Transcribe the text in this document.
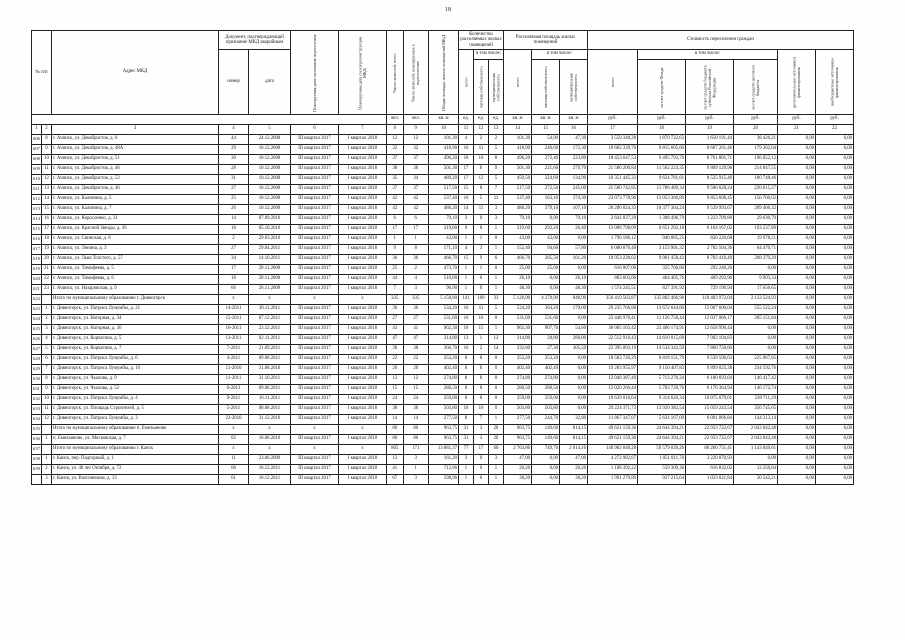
18
№ п/п		Адрес МКД	Документ, подтверждающий признание МКД аварийным		Планируемая дата окончания переселения	Планируемая дата сноса/реконструкции МКД	Число жителей, всего	Число жителей, планируемых к переселению	Общая площадь жилых помещений МКД	Количество расселяемых жилых помещений			Расселяемая площадь жилых помещений			Стоимость переселения граждан					
			номер	дата						всего	в том числе:		всего	в том числе:		всего	в том числе:			дополнительные источники финансирования	внебюджетные источники финансирования
											частная собственность	муниципальная собственность		частная собственность	муниципальная собственность		за счет средств Фонда	за счет средств бюджета субъекта Российской Федерации	за счет средств местного бюджета		
							чел.	чел.	кв. м	ед.	ед.	ед.	кв. м	кв. м	кв. м	руб.	руб.	руб.	руб.	руб.	руб.
1	2	3	4	5	6	7	8	9	10	11	12	13	14	15	16	17	18	19	20	21	22
606	8	г. Ачинск, ул. Декабристов, д. 6	44	24.12.2008	III квартал 2017	I квартал 2018	12	12	101,30	4	2	2	101,30	54,00	47,30	3 559 348,28	1 870 722,63	1 650 191,44	38 426,21	0,00	0,00
607	9	г. Ачинск, ул. Декабристов, д. 48А	29	10.12.2008	III квартал 2017	I квартал 2018	32	32	418,90	16	11	5	418,90	246,60	172,30	18 682 339,70	9 815 605,60	8 687 261,46	179 362,64	0,00	0,00
608	10	г. Ачинск, ул. Декабристов, д. 51	30	10.12.2008	III квартал 2017	I квартал 2018	37	37	496,20	18	10	8	496,20	272,40	223,80	18 453 647,53	9 495 793,70	8 761 801,71	196 052,12	0,00	0,00
609	11	г. Ачинск, ул. Декабристов, д. 46	28	10.12.2008	III квартал 2017	I квартал 2018	38	38	501,30	17	8	9	501,30	221,60	279,70	21 586 200,84	11 562 223,35	9 809 129,96	214 847,55	0,00	0,00
610	12	г. Ачинск, ул. Декабристов, д. 52	31	10.12.2008	III квартал 2017	I квартал 2018	35	34	489,20	17	12	5	459,50	324,60	134,90	18 351 445,33	9 624 781,61	8 525 915,46	180 748,46	0,00	0,00
611	13	г. Ачинск, ул. Декабристов, д. 46	27	10.12.2008	III квартал 2017	I квартал 2018	37	37	517,50	15	8	7	517,50	272,50	245,00	21 580 742,85	11 786 489,34	9 586 628,24	220 615,27	0,00	0,00
612	14	г. Ачинск, ул. Калинина, д. 5	25	10.12.2008	III квартал 2017	I квартал 2018	42	42	537,40	16	5	11	537,40	163,10	374,30	23 073 778,96	13 053 360,89	9 853 608,45	156 760,62	0,00	0,00
613	15	г. Ачинск, ул. Калинина, д. 7	26	10.12.2008	III квартал 2017	I квартал 2018	42	42	486,20	14	11	3	486,20	379,10	107,10	20 206 824,33	10 377 364,24	9 539 993,67	289 466,32	0,00	0,00
614	16	г. Ачинск, ул. Коросоенко, д. 31	14	07.09.2010	III квартал 2017	I квартал 2018	6	6	79,10	3	0	3	79,10	0,00	79,10	2 641 837,29	1 388 496,79	1 223 709,80	29 630,70	0,00	0,00
615	17	г. Ачинск, ул. Красной Звезды, д. 36	18	05.10.2010	III квартал 2017	I квартал 2018	17	17	319,60	9	8	1	319,60	293,20	26,40	13 008 798,09	6 651 293,18	6 164 167,02	193 237,89	0,00	0,00
616	18	г. Ачинск, ул. Свинская, д. 8	2	29.03.2010	III квартал 2017	I квартал 2018	1	1	43,00	1	1	0	43,00	43,00	0,00	1 790 186,12	940 885,25	830 220,68	19 078,21	0,00	0,00
617	19	г. Ачинск, ул. Ленина, д. 3	27	29.04.2011	III квартал 2017	I квартал 2018	9	8	171,10	4	3	1	152,40	94,60	57,80	6 000 876,40	3 153 901,32	2 782 504,36	64 470,71	0,00	0,00
618	20	г. Ачинск, ул. Льва Толстого, д. 57	34	14.10.2011	III квартал 2017	I квартал 2018	36	36	466,70	15	9	6	466,70	305,50	161,20	18 953 228,02	9 961 458,42	8 783 410,40	208 379,20	0,00	0,00
619	21	г. Ачинск, ул. Тимофеева, д. 5	17	28.11.2008	III квартал 2017	I квартал 2018	25	2	473,70	1	1	0	25,00	25,00	0,00	616 007,00	325 760,80	292 246,20	0,00	0,00	0,00
620	22	г. Ачинск, ул. Тимофеева, д. 6	18	28.11.2008	III квартал 2017	I квартал 2018	44	4	510,00	1	0	1	26,10	0,00	26,10	883 603,06	464 405,76	409 293,96	9 903,34	0,00	0,00
621	23	г. Ачинск, ул. Назаровская, д. 9	66	26.11.2008	III квартал 2017	I квартал 2018	7	3	96,90	1	0	1	48,30	0,00	48,30	1 574 245,51	827 391,92	729 196,94	17 656,65	0,00	0,00
622		Итого по муниципальному образованию г. Дивногорск	x	x	x	x	335	335	5 158,80	141	108	33	5 126,90	4 278,00	848,90	256 419 563,87	135 802 466,90	118 483 972,04	2 133 524,93	0,00	0,00
623	1	г. Дивногорск, ул. Патриса Лумумбы, д. 21	14-2011	30.11.2011	III квартал 2017	I квартал 2018	36	36	534,20	16	11	5	534,20	364,20	170,00	29 235 766,88	13 672 644,60	15 007 600,04	555 522,24	0,00	0,00
624	2	г. Дивногорск, ул. Нагорная, д. 34	15-2011	07.12.2011	III квартал 2017	I квартал 2018	27	27	531,60	16	16	0	531,60	531,60	0,00	23 448 976,41	11 126 758,44	12 037 066,17	285 151,84	0,00	0,00
625	3	г. Дивногорск, ул. Нагорная, д. 36	16-2011	23.12.2011	III квартал 2017	I квартал 2018	43	41	962,30	16	15	1	962,30	907,70	54,60	36 005 163,42	23 406 174,91	12 658 990,44	0,00	0,00	0,00
626	4	г. Дивногорск, ул. Корчагина, д. 5	13-2011	02.11.2011	III квартал 2017	I квартал 2018	47	47	314,80	13	1	12	314,80	28,80	286,00	22 512 910,43	14 610 815,60	7 902 104,83	0,00	0,00	0,00
627	5	г. Дивногорск, ул. Корчагина, д. 7	7-2011	21.09.2011	III квартал 2017	I квартал 2018	38	38	366,70	16	2	14	332,80	27,30	305,50	22 395 093,19	14 534 342,59	7 860 750,60	0,00	0,00	0,00
628	6	г. Дивногорск, ул. Патриса Лумумбы, д. 6	4-2011	09.08.2011	III квартал 2017	I квартал 2018	22	22	353,20	8	8	0	353,20	353,20	0,00	18 583 726,29	8 818 151,79	9 539 596,63	225 967,85	0,00	0,00
629	7	г. Дивногорск, ул. Патриса Лумумбы, д. 10	11-2010	31.08.2010	III квартал 2017	I квартал 2018	20	20	402,40	8	8	0	402,40	402,40	0,00	19 283 955,97	9 150 407,83	9 899 025,38	234 592,76	0,00	0,00
630	8	г. Дивногорск, ул. Чкалова, д. 9	11-2011	31.10.2011	III квартал 2017	I квартал 2018	13	12	274,80	8	8	0	274,80	274,80	0,00	12 040 387,40	5 713 276,34	6 180 693,64	146 417,42	0,00	0,00
631	9	г. Дивногорск, ул. Чкалова, д. 52	6-2013	09.08.2011	III квартал 2017	I квартал 2018	15	15	280,50	8	8	0	280,50	280,50	0,00	12 020 266,44	5 703 728,76	6 170 364,94	146 172,74	0,00	0,00
632	10	г. Дивногорск, ул. Патриса Лумумбы, д. 4	9-2011	16.11.2011	III квартал 2017	I квартал 2018	24	24	359,00	8	8	0	359,00	359,00	0,00	19 639 016,64	9 314 626,34	10 075 679,01	238 711,29	0,00	0,00
633	11	г. Дивногорск, ул. Площадь Строителей, д. 5	5-2011	08.08.2011	III квартал 2017	I квартал 2018	38	38	503,80	16	16	0	503,80	503,80	0,00	29 224 371,73	13 920 382,54	15 059 243,54	356 745,65	0,00	0,00
634	12	г. Дивногорск, ул. Патриса Лумумбы, д. 3	22-2010	31.12.2010	III квартал 2017	I квартал 2018	14	14	277,50	8	7	1	277,50	244,70	32,80	11 867 347,07	5 631 167,09	6 091 866,84	144 313,14	0,00	0,00
635		Итого по муниципальному образованию п. Емельяново	x	x	x	x	80	80	963,75	31	3	28	963,75	149,60	814,15	49 621 159,36	24 644 394,21	22 933 722,67	2 043 042,48	0,00	0,00
636	1	п. Емельяново, ул. Московская, д. 7	02	16.06.2010	III квартал 2017	I квартал 2018	80	80	963,75	31	3	28	963,75	149,60	814,15	49 621 159,36	24 644 394,21	22 933 722,67	2 043 042,48	0,00	0,00
637		Итого по муниципальному образованию г. Канск	x	x	x	x	805	171	13 881,37	77	17	60	2 763,86	749,70	2 014,16	140 982 840,28	59 579 039,26	80 260 751,41	1 143 049,61	0,00	0,00
638	1	г. Канск, пер. Подгорный, д. 1	11	23.06.2009	III квартал 2017	I квартал 2018	13	3	161,20	3	0	3	47,00	0,00	47,00	4 272 982,67	1 051 011,76	3 220 870,93	0,00	0,00	0,00
639	2	г. Канск, ул. 40 лет Октября, д. 72	66	16.12.2011	III квартал 2017	I квартал 2018	41	1	712,86	1	0	1	20,26	0,00	20,26	1 188 392,22	559 309,36	616 832,02	12 250,84	0,00	0,00
	3	г. Канск, ул. Волгоненова, д. 13	61	16.12.2011	III квартал 2017	I квартал 2018	67	3	598,96	1	0	1	38,20	0,00	38,20	1 991 279,89	937 215,64	1 033 621,84	20 542,21	0,00	0,00
